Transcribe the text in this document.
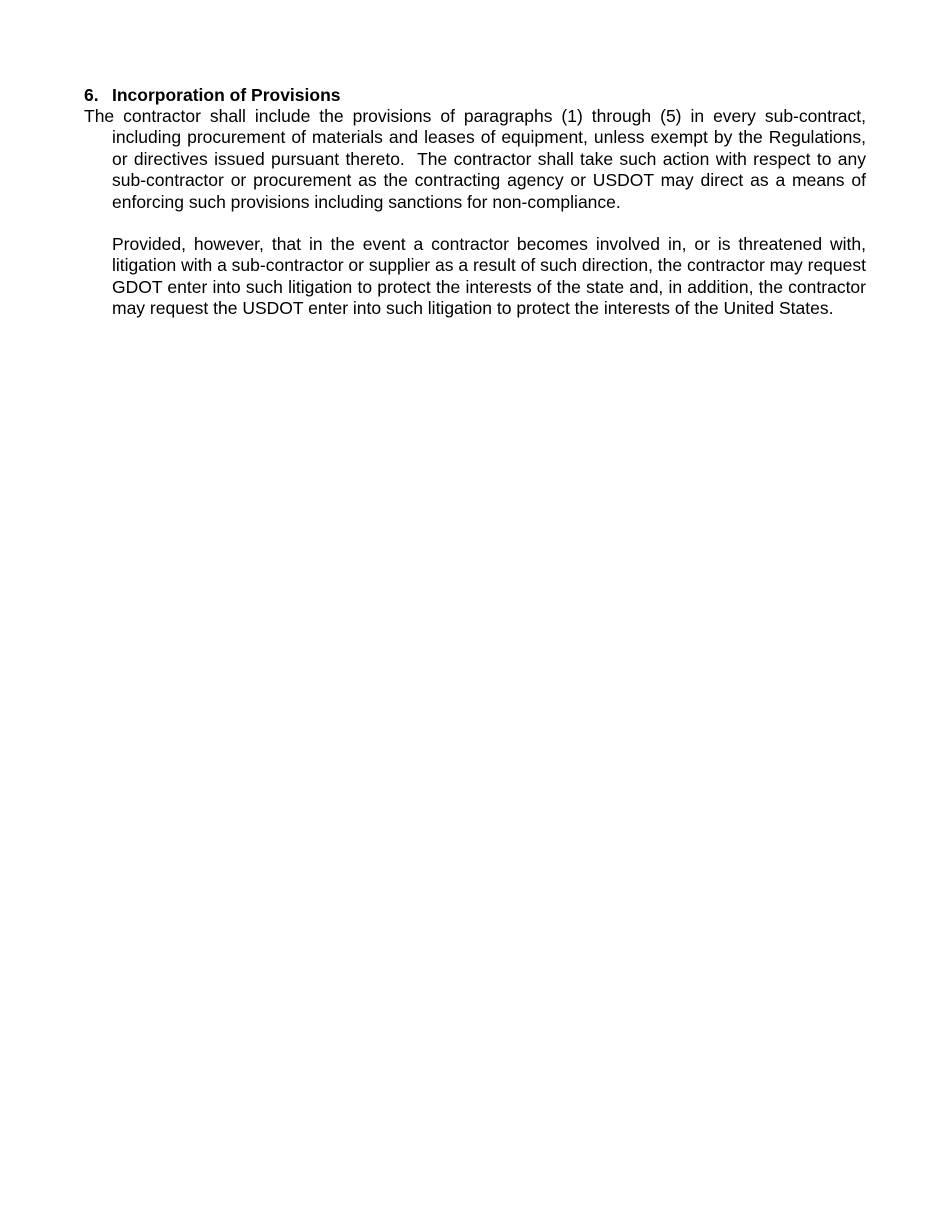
6. Incorporation of Provisions

The contractor shall include the provisions of paragraphs (1) through (5) in every sub-contract, including procurement of materials and leases of equipment, unless exempt by the Regulations, or directives issued pursuant thereto.  The contractor shall take such action with respect to any sub-contractor or procurement as the contracting agency or USDOT may direct as a means of enforcing such provisions including sanctions for non-compliance.

Provided, however, that in the event a contractor becomes involved in, or is threatened with, litigation with a sub-contractor or supplier as a result of such direction, the contractor may request GDOT enter into such litigation to protect the interests of the state and, in addition, the contractor may request the USDOT enter into such litigation to protect the interests of the United States.
